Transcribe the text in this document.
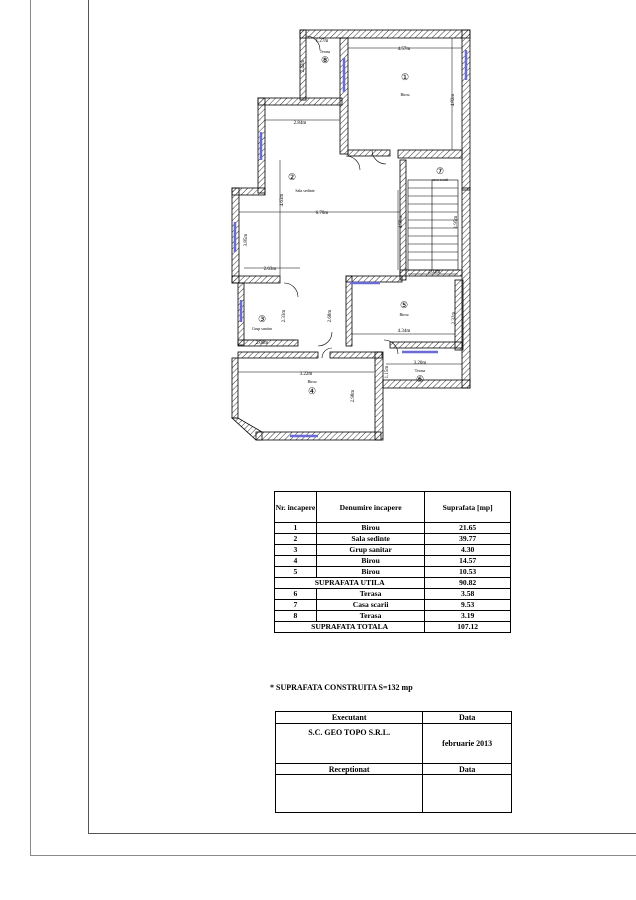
①
Birou
4.57m
4.82m
②
Sala sedinte
2.84m
4.63m
6.70m
3.85m
2.63m
③
Grup sanitar
2.33m
2.00m
④
Birou
3.22m
2.98m
⑤
Birou
4.34m
2.32m
2.68m
⑥
Terasa
3.20m
1.15m
⑦
casa scarii
4.90m	1.95m
2.02m
⑧
Terasa
1.27m
2.42m
Nr. incapere	Denumire incapere	Suprafata [mp]
1	Birou	21.65
2	Sala sedinte	39.77
3	Grup sanitar	4.30
4	Birou	14.57
5	Birou	10.53
SUPRAFATA UTILA		90.82
6	Terasa	3.58
7	Casa scarii	9.53
8	Terasa	3.19
SUPRAFATA TOTALA		107.12
* SUPRAFATA CONSTRUITA S=132 mp
Executant	Data
S.C. GEO TOPO S.R.L.	februarie 2013
Receptionat	Data
